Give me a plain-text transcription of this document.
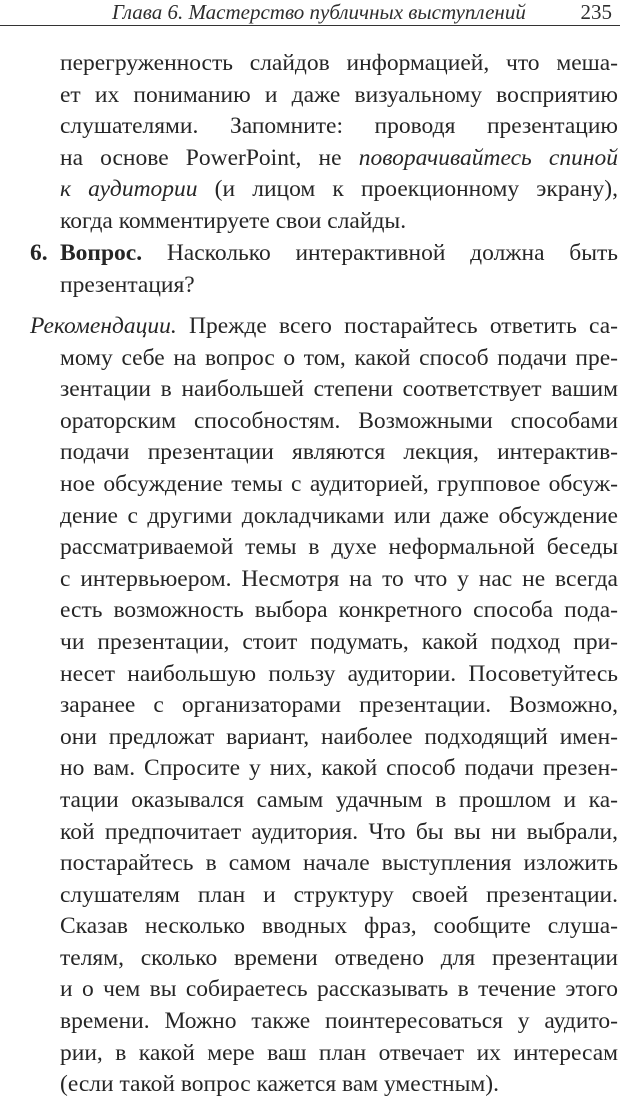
Глава 6. Мастерство публичных выступлений	235
перегруженность слайдов информацией, что меша-
ет их пониманию и даже визуальному восприятию
слушателями. Запомните: проводя презентацию
на основе PowerPoint, не поворачивайтесь спиной
к аудитории (и лицом к проекционному экрану),
когда комментируете свои слайды.
6. Вопрос. Насколько интерактивной должна быть
презентация?
Рекомендации. Прежде всего постарайтесь ответить са-
мому себе на вопрос о том, какой способ подачи пре-
зентации в наибольшей степени соответствует вашим
ораторским способностям. Возможными способами
подачи презентации являются лекция, интерактив-
ное обсуждение темы с аудиторией, групповое обсуж-
дение с другими докладчиками или даже обсуждение
рассматриваемой темы в духе неформальной беседы
с интервьюером. Несмотря на то что у нас не всегда
есть возможность выбора конкретного способа пода-
чи презентации, стоит подумать, какой подход при-
несет наибольшую пользу аудитории. Посоветуйтесь
заранее с организаторами презентации. Возможно,
они предложат вариант, наиболее подходящий имен-
но вам. Спросите у них, какой способ подачи презен-
тации оказывался самым удачным в прошлом и ка-
кой предпочитает аудитория. Что бы вы ни выбрали,
постарайтесь в самом начале выступления изложить
слушателям план и структуру своей презентации.
Сказав несколько вводных фраз, сообщите слуша-
телям, сколько времени отведено для презентации
и о чем вы собираетесь рассказывать в течение этого
времени. Можно также поинтересоваться у аудито-
рии, в какой мере ваш план отвечает их интересам
(если такой вопрос кажется вам уместным).
